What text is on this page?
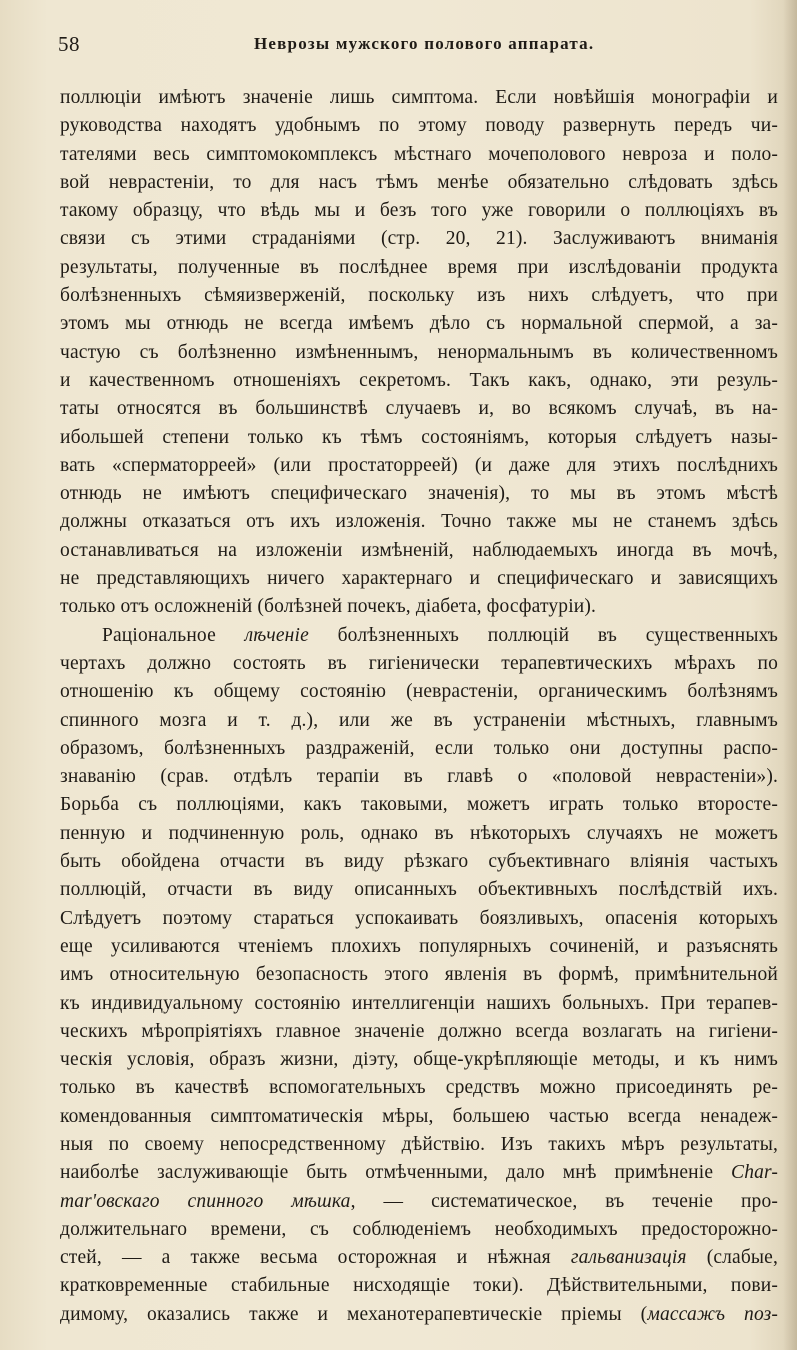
58	Неврозы мужского полового аппарата.
поллюціи имѣютъ значеніе лишь симптома. Если новѣйшія монографіи и
руководства находятъ удобнымъ по этому поводу развернуть передъ чи-
тателями весь симптомокомплексъ мѣстнаго мочеполового невроза и поло-
вой неврастеніи, то для насъ тѣмъ менѣе обязательно слѣдовать здѣсь
такому образцу, что вѣдь мы и безъ того уже говорили о поллюціяхъ въ
связи съ этими страданіями (стр. 20, 21). Заслуживаютъ вниманія
результаты, полученные въ послѣднее время при изслѣдованіи продукта
болѣзненныхъ сѣмяизверженій, поскольку изъ нихъ слѣдуетъ, что при
этомъ мы отнюдь не всегда имѣемъ дѣло съ нормальной спермой, а за-
частую съ болѣзненно измѣненнымъ, ненормальнымъ въ количественномъ
и качественномъ отношеніяхъ секретомъ. Такъ какъ, однако, эти резуль-
таты относятся въ большинствѣ случаевъ и, во всякомъ случаѣ, въ на-
ибольшей степени только къ тѣмъ состояніямъ, которыя слѣдуетъ назы-
вать «сперматорреей» (или простаторреей) (и даже для этихъ послѣднихъ
отнюдь не имѣютъ специфическаго значенія), то мы въ этомъ мѣстѣ
должны отказаться отъ ихъ изложенія. Точно также мы не станемъ здѣсь
останавливаться на изложеніи измѣненій, наблюдаемыхъ иногда въ мочѣ,
не представляющихъ ничего характернаго и специфическаго и зависящихъ
только отъ осложненій (болѣзней почекъ, діабета, фосфатуріи).
Раціональное лѣченіе болѣзненныхъ поллюцій въ существенныхъ
чертахъ должно состоять въ гигіенически терапевтическихъ мѣрахъ по
отношенію къ общему состоянію (неврастеніи, органическимъ болѣзнямъ
спинного мозга и т. д.), или же въ устраненіи мѣстныхъ, главнымъ
образомъ, болѣзненныхъ раздраженій, если только они доступны распо-
знаванію (срав. отдѣлъ терапіи въ главѣ о «половой неврастеніи»).
Борьба съ поллюціями, какъ таковыми, можетъ играть только второсте-
пенную и подчиненную роль, однако въ нѣкоторыхъ случаяхъ не можетъ
быть обойдена отчасти въ виду рѣзкаго субъективнаго вліянія частыхъ
поллюцій, отчасти въ виду описанныхъ объективныхъ послѣдствій ихъ.
Слѣдуетъ поэтому стараться успокаивать боязливыхъ, опасенія которыхъ
еще усиливаются чтеніемъ плохихъ популярныхъ сочиненій, и разъяснять
имъ относительную безопасность этого явленія въ формѣ, примѣнительной
къ индивидуальному состоянію интеллигенціи нашихъ больныхъ. При терапев-
ческихъ мѣропріятіяхъ главное значеніе должно всегда возлагать на гигіени-
ческія условія, образъ жизни, діэту, обще-укрѣпляющіе методы, и къ нимъ
только въ качествѣ вспомогательныхъ средствъ можно присоединять ре-
комендованныя симптоматическія мѣры, большею частью всегда ненадеж-
ныя по своему непосредственному дѣйствію. Изъ такихъ мѣръ результаты,
наиболѣе заслуживающіе быть отмѣченными, дало мнѣ примѣненіе Char-
mar'овскаго спинного мѣшка, — систематическое, въ теченіе про-
должительнаго времени, съ соблюденіемъ необходимыхъ предосторожно-
стей, — а также весьма осторожная и нѣжная гальванизація (слабые,
кратковременные стабильные нисходящіе токи). Дѣйствительными, пови-
димому, оказались также и механотерапевтическіе пріемы (массажъ поз-
